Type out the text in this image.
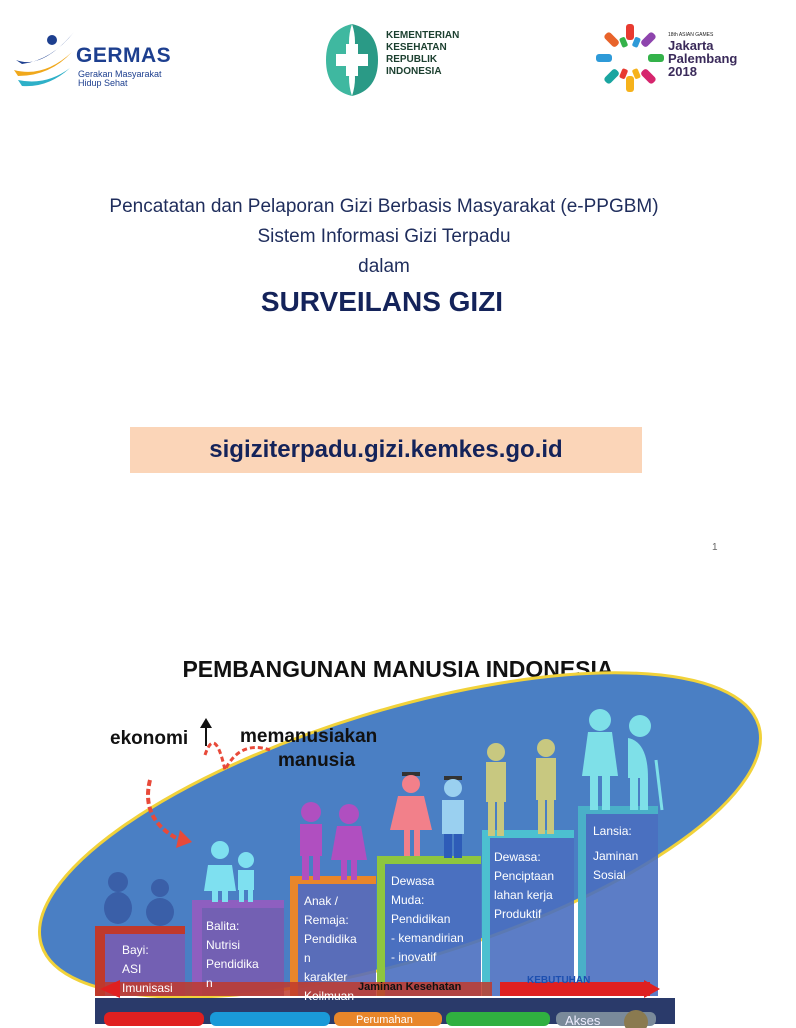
GERMAS
Gerakan Masyarakat
Hidup Sehat
KEMENTERIAN
KESEHATAN
REPUBLIK
INDONESIA
18th ASIAN GAMES
Jakarta
Palembang
2018
Pencatatan dan Pelaporan Gizi Berbasis Masyarakat (e-PPGBM)
Sistem Informasi Gizi Terpadu
dalam
SURVEILANS GIZI
sigiziterpadu.gizi.kemkes.go.id
1
PEMBANGUNAN MANUSIA INDONESIA
ekonomi	memanusiakan
manusia
Bayi:
ASI
Imunisasi
Balita:
Nutrisi
Pendidika
n
Anak /
Remaja:
Pendidika
n
karakter
Keilmuan
Dewasa
Muda:
Pendidikan
- kemandirian
- inovatif
Dewasa:
Penciptaan
lahan kerja
Produktif
Lansia:
Jaminan
Sosial
Jaminan Kesehatan
KEBUTUHAN
Perumahan	Akses
